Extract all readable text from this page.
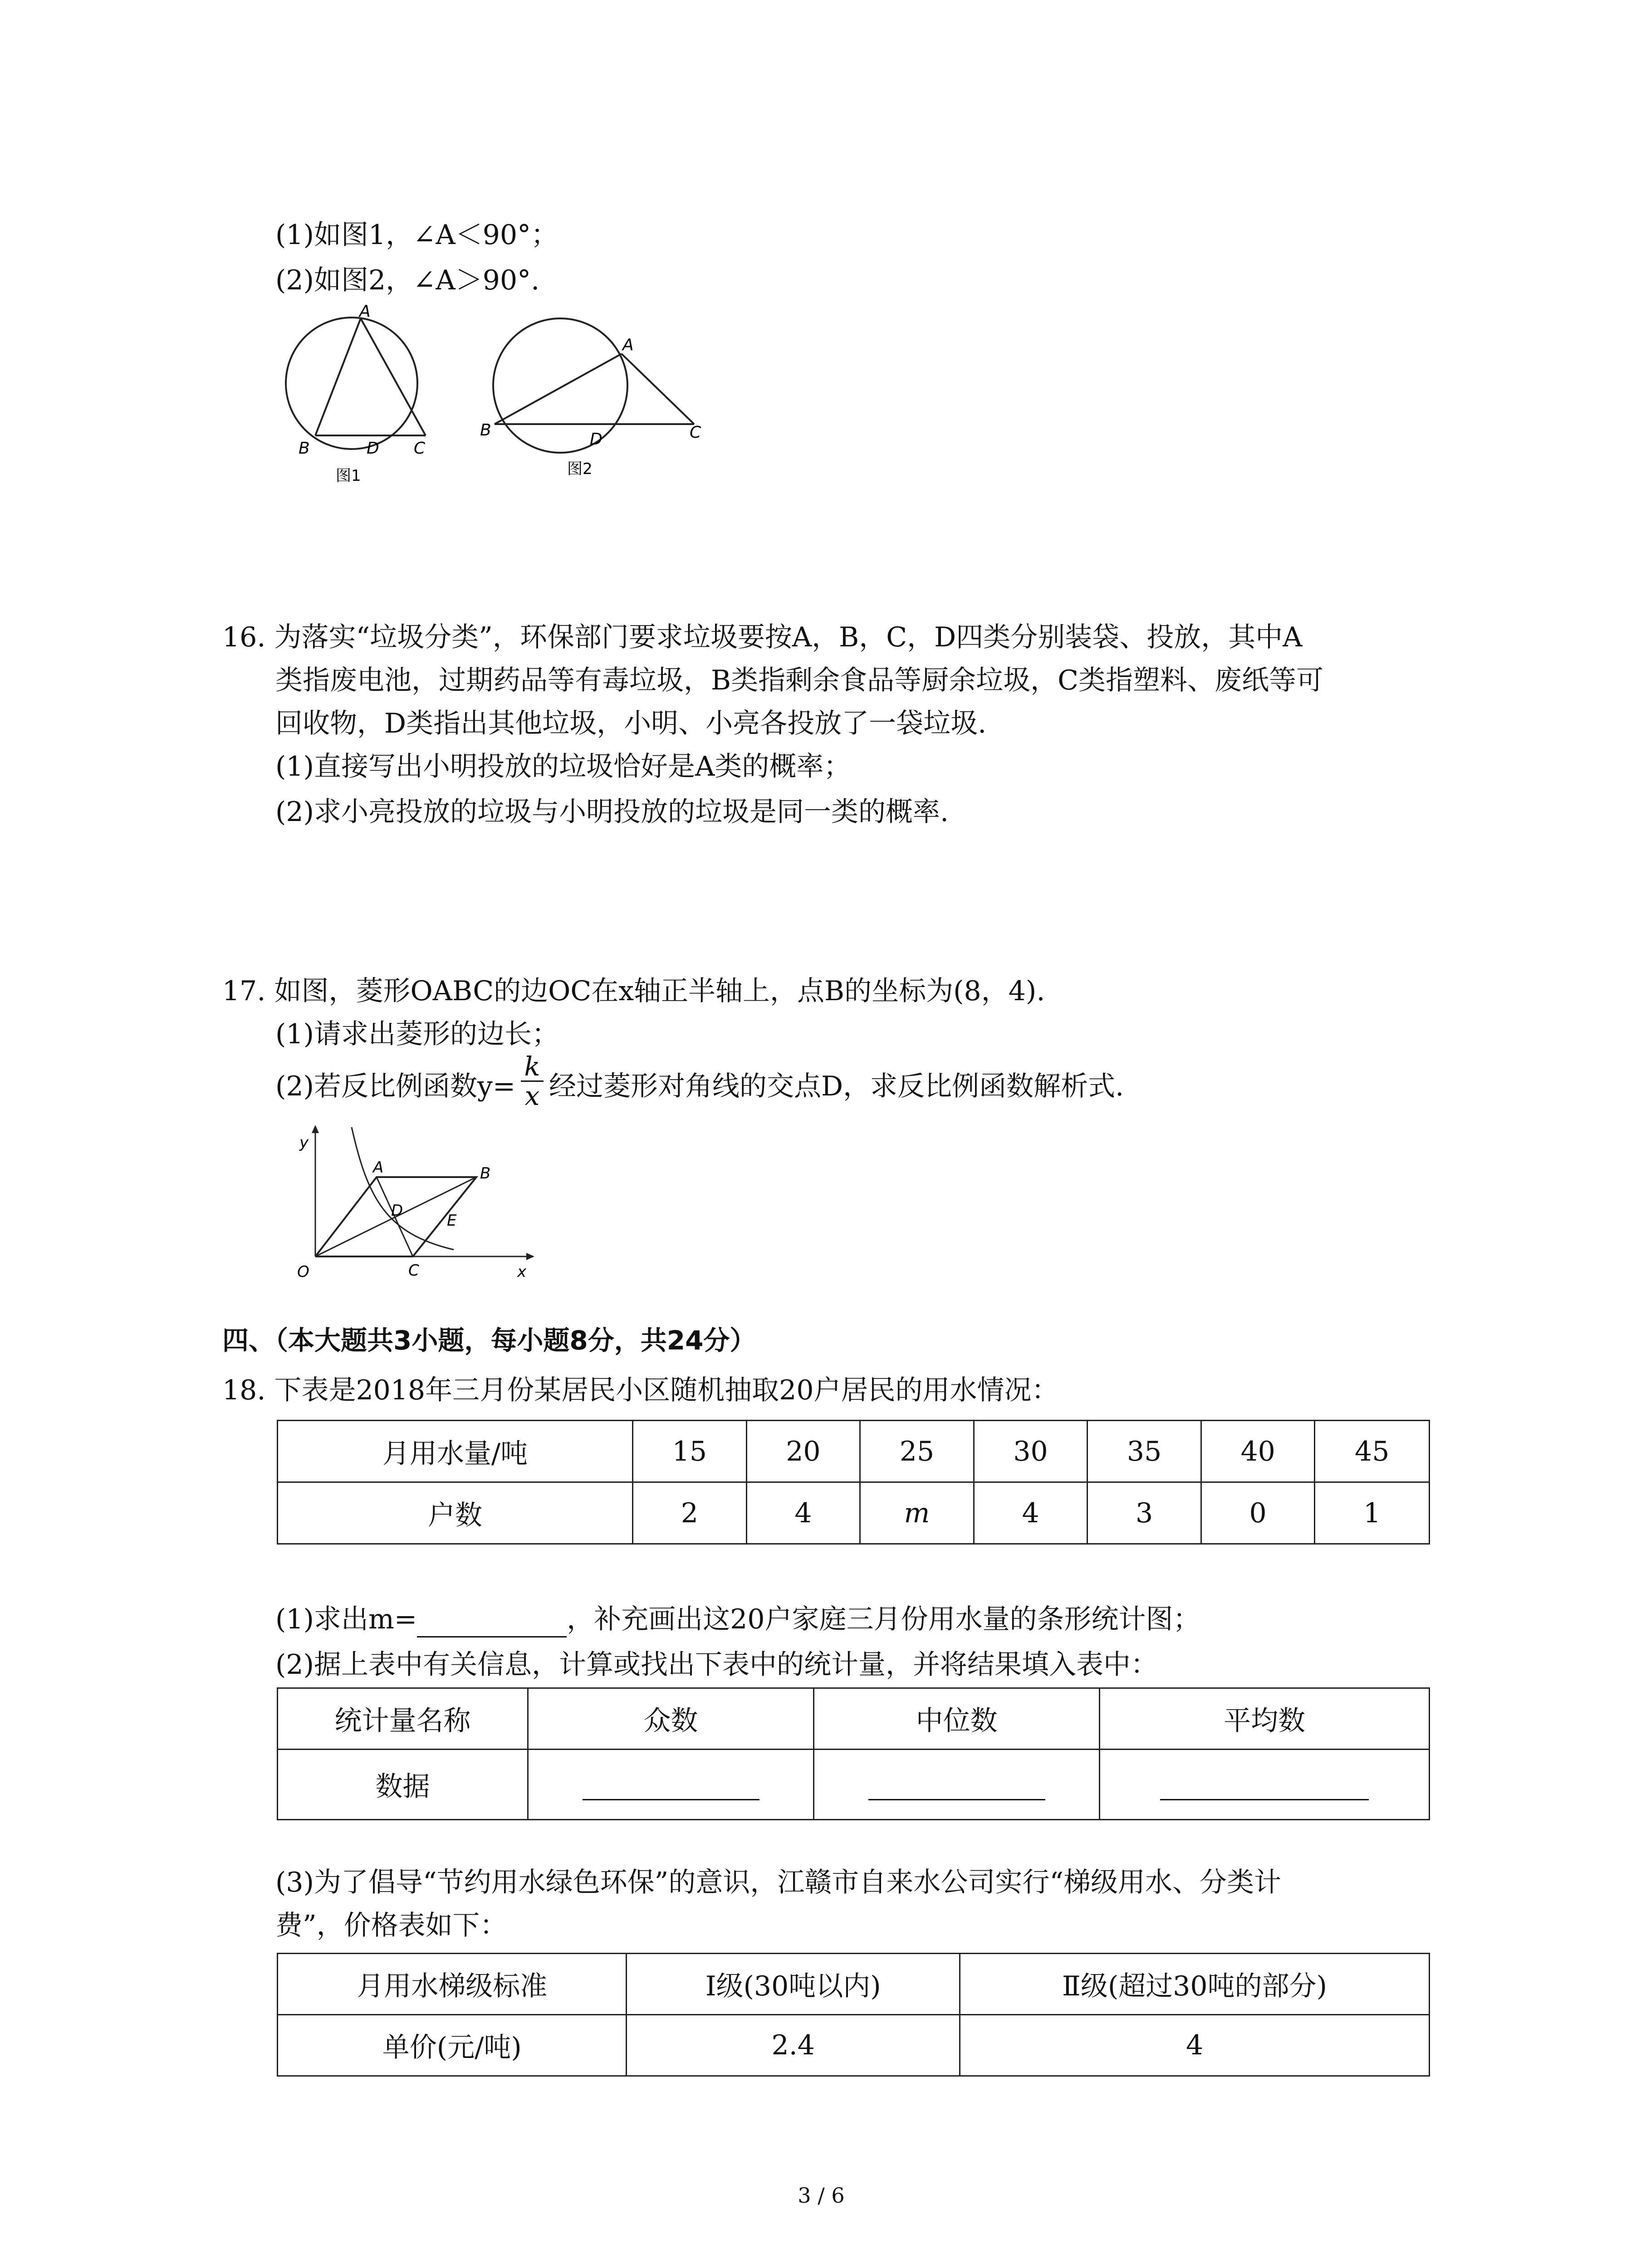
(1)如图1，∠A＜90°；
(2)如图2，∠A＞90°.
A
B	D C
图1
A
B	D	C
图2
16. 为落实“垃圾分类”，环保部门要求垃圾要按A，B，C，D四类分别装袋、投放，其中A
类指废电池，过期药品等有毒垃圾，B类指剩余食品等厨余垃圾，C类指塑料、废纸等可
回收物，D类指出其他垃圾，小明、小亮各投放了一袋垃圾.
(1)直接写出小明投放的垃圾恰好是A类的概率；
(2)求小亮投放的垃圾与小明投放的垃圾是同一类的概率.
17. 如图，菱形OABC的边OC在x轴正半轴上，点B的坐标为(8，4).
(1)请求出菱形的边长；
(2)若反比例函数$y= \frac{k}{x}$ 经过菱形对角线的交点D，求反比例函数解析式.
y
A	B
D
E
O	C	x
四、（本大题共3小题，每小题8分，共24分）
18. 下表是2018年三月份某居民小区随机抽取20户居民的用水情况：
月用水量/吨	15	20	25	30	35	40	45
户数	2	4	m	4	3	0	1
(1)求出m=	，补充画出这20户家庭三月份用水量的条形统计图；
(2)据上表中有关信息，计算或找出下表中的统计量，并将结果填入表中：
统计量名称	众数	中位数	平均数
数据			
(3)为了倡导“节约用水绿色环保”的意识，江赣市自来水公司实行“梯级用水、分类计
费”，价格表如下：
月用水梯级标准	Ⅰ级(30吨以内)	Ⅱ级(超过30吨的部分)
单价(元/吨)	2.4	4
3 / 6
